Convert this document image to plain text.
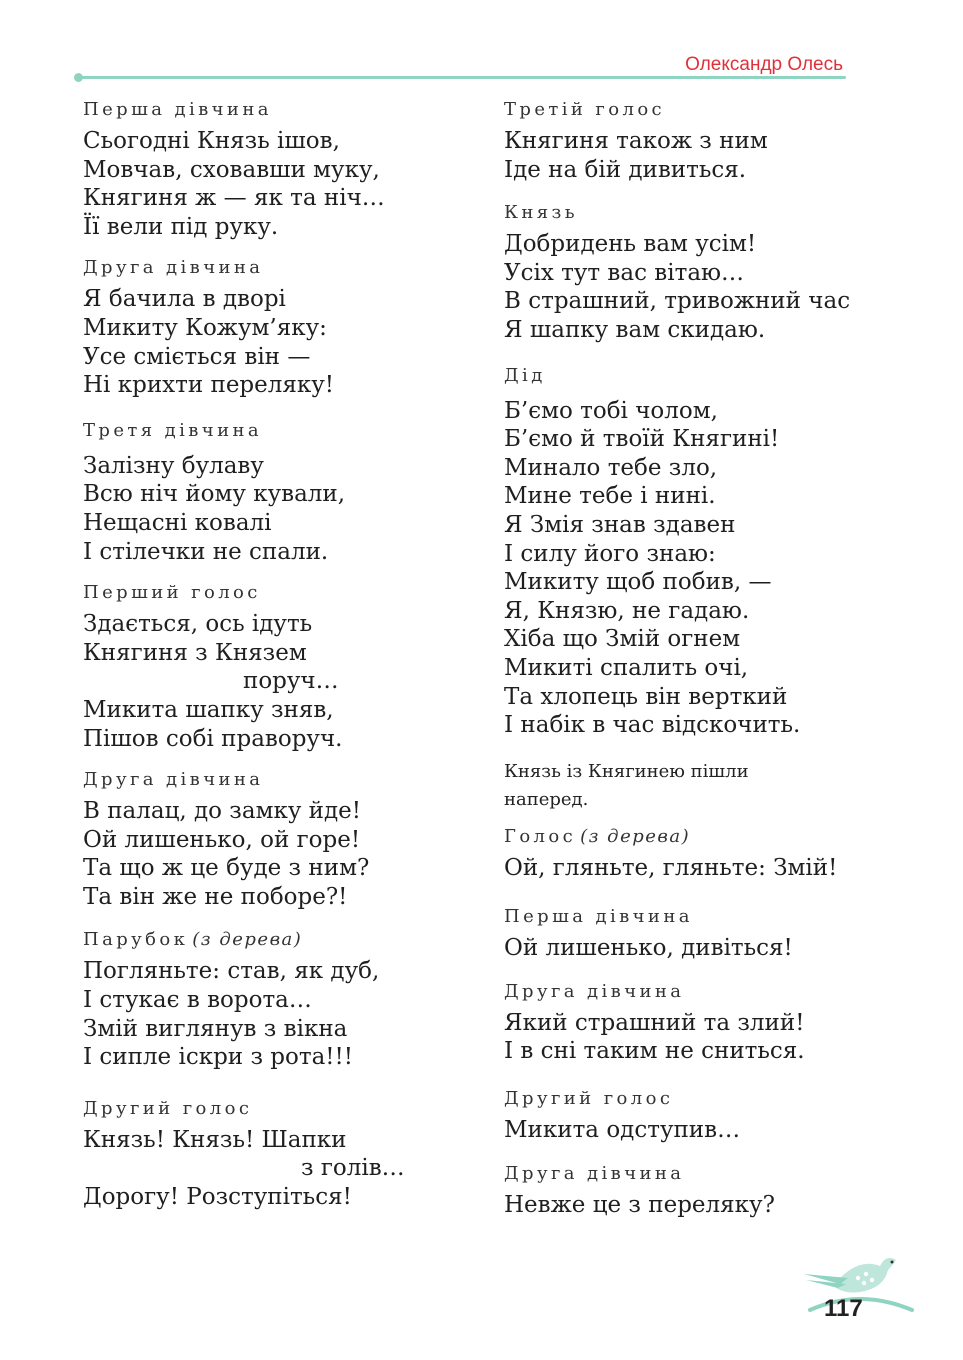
Олександр Олесь
Перша дівчина
Сьогодні Князь ішов,
Мовчав, сховавши муку,
Княгиня ж — як та ніч…
Її вели під руку.
Друга дівчина
Я бачила в дворі
Микиту Кожум’яку:
Усе сміється він —
Ні крихти переляку!
Третя дівчина
Залізну булаву
Всю ніч йому кували,
Нещасні ковалі
І стілечки не спали.
Перший голос
Здається, ось ідуть
Княгиня з Князем
поруч…
Микита шапку зняв,
Пішов собі праворуч.
Друга дівчина
В палац, до замку йде!
Ой лишенько, ой горе!
Та що ж це буде з ним?
Та він же не поборе?!
Парубок (з дерева)
Погляньте: став, як дуб,
І стукає в ворота…
Змій виглянув з вікна
І сипле іскри з рота!!!
Другий голос
Князь! Князь! Шапки
з голів…
Дорогу! Розступіться!
Третій голос
Княгиня також з ним
Іде на бій дивиться.
Князь
Добридень вам усім!
Усіх тут вас вітаю…
В страшний, тривожний час
Я шапку вам скидаю.
Дід
Б’ємо тобі чолом,
Б’ємо й твоїй Княгині!
Минало тебе зло,
Мине тебе і нині.
Я Змія знав здавен
І силу його знаю:
Микиту щоб побив, —
Я, Князю, не гадаю.
Хіба що Змій огнем
Микиті спалить очі,
Та хлопець він верткий
І набік в час відскочить.
Князь із Княгинею пішли
наперед.
Голос (з дерева)
Ой, гляньте, гляньте: Змій!
Перша дівчина
Ой лишенько, дивіться!
Друга дівчина
Який страшний та злий!
І в сні таким не сниться.
Другий голос
Микита одступив…
Друга дівчина
Невже це з переляку?
117
